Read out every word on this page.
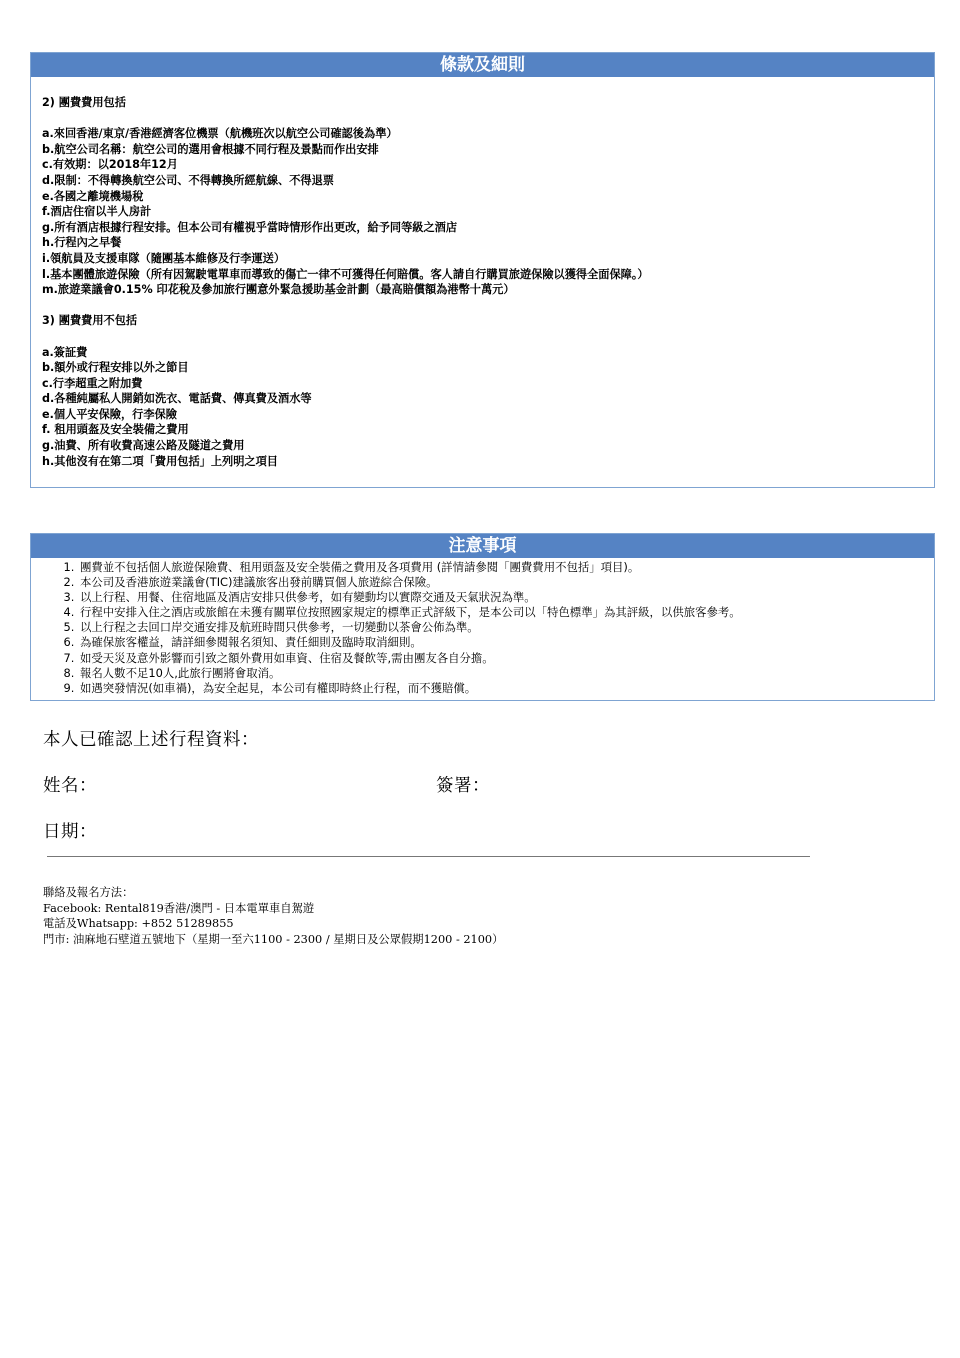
條款及細則
2) 團費費用包括
a.來回香港/東京/香港經濟客位機票（航機班次以航空公司確認後為準）
b.航空公司名稱：航空公司的選用會根據不同行程及景點而作出安排
c.有效期：以2018年12月
d.限制：不得轉換航空公司、不得轉換所經航線、不得退票
e.各國之離境機場稅
f.酒店住宿以半人房計
g.所有酒店根據行程安排。但本公司有權視乎當時情形作出更改，給予同等級之酒店
h.行程內之早餐
i.領航員及支援車隊（隨團基本維修及行李運送）
l.基本團體旅遊保險（所有因駕駛電單車而導致的傷亡一律不可獲得任何賠償。客人請自行購買旅遊保險以獲得全面保障。）
m.旅遊業議會0.15% 印花稅及參加旅行團意外緊急援助基金計劃（最高賠償額為港幣十萬元）
3) 團費費用不包括
a.簽証費
b.額外或行程安排以外之節目
c.行李超重之附加費
d.各種純屬私人開銷如洗衣、電話費、傳真費及酒水等
e.個人平安保險，行李保險
f. 租用頭盔及安全裝備之費用
g.油費、所有收費高速公路及隧道之費用
h.其他沒有在第二項「費用包括」上列明之項目
注意事項
1. 團費並不包括個人旅遊保險費、租用頭盔及安全裝備之費用及各項費用 (詳情請參閱「團費費用不包括」項目)。
2. 本公司及香港旅遊業議會(TIC)建議旅客出發前購買個人旅遊綜合保險。
3. 以上行程、用餐、住宿地區及酒店安排只供參考，如有變動均以實際交通及天氣狀況為準。
4. 行程中安排入住之酒店或旅館在未獲有關單位按照國家規定的標準正式評級下，是本公司以「特色標準」為其評級，以供旅客參考。
5. 以上行程之去回口岸交通安排及航班時間只供參考，一切變動以茶會公佈為準。
6. 為確保旅客權益，請詳細參閱報名須知、責任細則及臨時取消細則。
7. 如受天災及意外影響而引致之額外費用如車資、住宿及餐飲等,需由團友各自分擔。
8. 報名人數不足10人,此旅行團將會取消。
9. 如遇突發情況(如車禍)，為安全起見，本公司有權即時終止行程，而不獲賠償。
本人已確認上述行程資料：
姓名：	簽署：
日期：
聯絡及報名方法：
Facebook: Rental819香港/澳門 - 日本電單車自駕遊
電話及Whatsapp: +852 51289855
門市: 油麻地石壁道五號地下（星期一至六1100 - 2300 / 星期日及公眾假期1200 - 2100）
